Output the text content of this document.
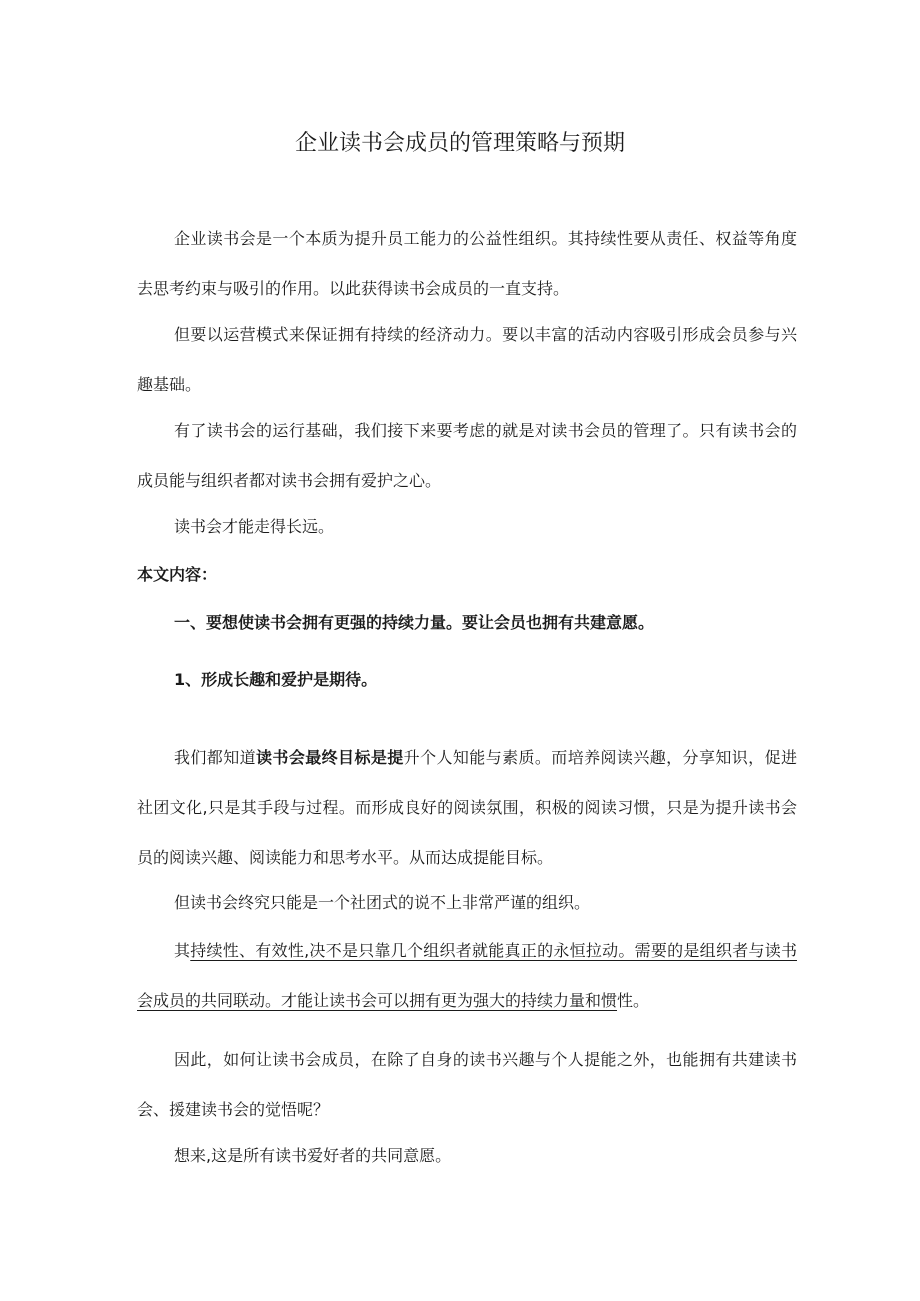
企业读书会成员的管理策略与预期

企业读书会是一个本质为提升员工能力的公益性组织。其持续性要从责任、权益等角度去思考约束与吸引的作用。以此获得读书会成员的一直支持。

但要以运营模式来保证拥有持续的经济动力。要以丰富的活动内容吸引形成会员参与兴趣基础。

有了读书会的运行基础，我们接下来要考虑的就是对读书会员的管理了。只有读书会的成员能与组织者都对读书会拥有爱护之心。

读书会才能走得长远。

本文内容：

一、要想使读书会拥有更强的持续力量。要让会员也拥有共建意愿。

1、形成长趣和爱护是期待。

我们都知道读书会最终目标是提升个人知能与素质。而培养阅读兴趣，分享知识，促进社团文化,只是其手段与过程。而形成良好的阅读氛围，积极的阅读习惯，只是为提升读书会员的阅读兴趣、阅读能力和思考水平。从而达成提能目标。

但读书会终究只能是一个社团式的说不上非常严谨的组织。

其持续性、有效性,决不是只靠几个组织者就能真正的永恒拉动。需要的是组织者与读书会成员的共同联动。才能让读书会可以拥有更为强大的持续力量和惯性。

因此，如何让读书会成员，在除了自身的读书兴趣与个人提能之外，也能拥有共建读书会、援建读书会的觉悟呢？

想来,这是所有读书爱好者的共同意愿。
